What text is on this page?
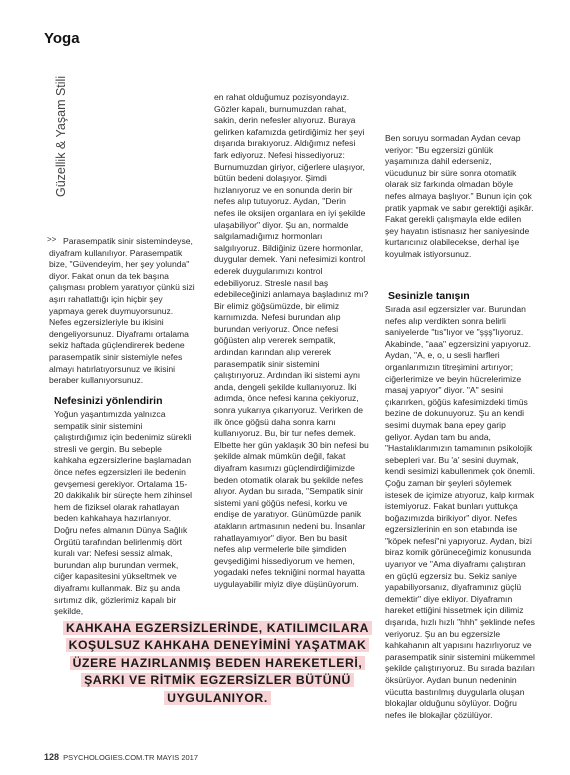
Yoga
Güzellik & Yaşam Stili
>> Parasempatik sinir sistemindeyse, diyafram kullanılıyor. Parasempatik bize, "Güvendeyim, her şey yolunda" diyor. Fakat onun da tek başına çalışması problem yaratıyor çünkü sizi aşırı rahatlattığı için hiçbir şey yapmaya gerek duymuyorsunuz. Nefes egzersizleriyle bu ikisini dengeliyorsunuz. Diyaframı ortalama sekiz haftada güçlendirerek bedene parasempatik sinir sistemiyle nefes almayı hatırlatıyorsunuz ve ikisini beraber kullanıyorsunuz.

Nefesinizi yönlendirin

Yoğun yaşantımızda yalnızca sempatik sinir sistemini çalıştırdığımız için bedenimiz sürekli stresli ve gergin. Bu sebeple kahkaha egzersizlerine başlamadan önce nefes egzersizleri ile bedenin gevşemesi gerekiyor. Ortalama 15-20 dakikalık bir süreçte hem zihinsel hem de fiziksel olarak rahatlayan beden kahkahaya hazırlanıyor. Doğru nefes almanın Dünya Sağlık Örgütü tarafından belirlenmiş dört kuralı var: Nefesi sessiz almak, burundan alıp burundan vermek, ciğer kapasitesini yükseltmek ve diyaframı kullanmak. Biz şu anda sırtımız dik, gözlerimiz kapalı bir şekilde,

en rahat olduğumuz pozisyondayız. Gözler kapalı, burnumuzdan rahat, sakin, derin nefesler alıyoruz. Buraya gelirken kafamızda getirdiğimiz her şeyi dışarıda bırakıyoruz. Aldığımız nefesi fark ediyoruz. Nefesi hissediyoruz: Burnumuzdan giriyor, ciğerlere ulaşıyor, bütün bedeni dolaşıyor. Şimdi hızlanıyoruz ve en sonunda derin bir nefes alıp tutuyoruz. Aydan, "Derin nefes ile oksijen organlara en iyi şekilde ulaşabiliyor" diyor. Şu an, normalde salgılamadığımız hormonları salgılıyoruz. Bildiğiniz üzere hormonlar, duygular demek. Yani nefesimizi kontrol ederek duygularımızı kontrol edebiliyoruz. Stresle nasıl baş edebileceğinizi anlamaya başladınız mı? Bir elimiz göğsümüzde, bir elimiz karnımızda. Nefesi burundan alıp burundan veriyoruz. Önce nefesi göğüsten alıp vererek sempatik, ardından karından alıp vererek parasempatik sinir sistemini çalıştırıyoruz. Ardından iki sistemi aynı anda, dengeli şekilde kullanıyoruz. İki adımda, önce nefesi karına çekiyoruz, sonra yukarıya çıkarıyoruz. Verirken de ilk önce göğsü daha sonra karnı kullanıyoruz. Bu, bir tur nefes demek. Elbette her gün yaklaşık 30 bin nefesi bu şekilde almak mümkün değil, fakat diyafram kasımızı güçlendirdiğimizde beden otomatik olarak bu şekilde nefes alıyor. Aydan bu sırada, "Sempatik sinir sistemi yani göğüs nefesi, korku ve endişe de yaratıyor. Günümüzde panik atakların artmasının nedeni bu. İnsanlar rahatlayamıyor" diyor. Ben bu basit nefes alıp vermelerle bile şimdiden gevşediğimi hissediyorum ve hemen, yogadaki nefes tekniğini normal hayatta uygulayabilir miyiz diye düşünüyorum.

Ben soruyu sormadan Aydan cevap veriyor: "Bu egzersizi günlük yaşamınıza dahil ederseniz, vücudunuz bir süre sonra otomatik olarak siz farkında olmadan böyle nefes almaya başlıyor." Bunun için çok pratik yapmak ve sabır gerektiği aşikâr. Fakat gerekli çalışmayla elde edilen şey hayatın istisnasız her saniyesinde kurtarıcınız olabilecekse, derhal işe koyulmak istiyorsunuz.

Sesinizle tanışın

Sırada asıl egzersizler var. Burundan nefes alıp verdikten sonra belirli saniyelerde "tıs"lıyor ve "şşş"lıyoruz. Akabinde, "aaa" egzersizini yapıyoruz. Aydan, "A, e, o, u sesli harfleri organlarımızın titreşimini artırıyor; ciğerlerimize ve beyin hücrelerimize masaj yapıyor" diyor. "A" sesini çıkarırken, göğüs kafesimizdeki timüs bezine de dokunuyoruz. Şu an kendi sesimi duymak bana epey garip geliyor. Aydan tam bu anda, "Hastalıklarımızın tamamının psikolojik sebepleri var. Bu 'a' sesini duymak, kendi sesimizi kabullenmek çok önemli. Çoğu zaman bir şeyleri söylemek istesek de içimize atıyoruz, kalp kırmak istemiyoruz. Fakat bunları yuttukça boğazımızda birikiyor" diyor. Nefes egzersizlerinin en son etabında ise "köpek nefesi"ni yapıyoruz. Aydan, bizi biraz komik görüneceğimiz konusunda uyarıyor ve "Ama diyaframı çalıştıran en güçlü egzersiz bu. Sekiz saniye yapabiliyorsanız, diyaframınız güçlü demektir" diye ekliyor. Diyaframın hareket ettiğini hissetmek için dilimiz dışarıda, hızlı hızlı "hhh" şeklinde nefes veriyoruz. Şu an bu egzersizle kahkahanın alt yapısını hazırlıyoruz ve parasempatik sinir sistemini mükemmel şekilde çalıştırıyoruz. Bu sırada bazıları öksürüyor. Aydan bunun nedeninin vücutta bastırılmış duygularla oluşan blokajlar olduğunu söylüyor. Doğru nefes ile blokajlar çözülüyor.

KAHKAHA EGZERSİZLERİNDE, KATILIMCILARA
KOŞULSUZ KAHKAHA DENEYİMİNİ YAŞATMAK
ÜZERE HAZIRLANMIŞ BEDEN HAREKETLERİ,
ŞARKI VE RİTMİK EGZERSİZLER BÜTÜNÜ
UYGULANIYOR.
128 PSYCHOLOGIES.COM.TR MAYIS 2017
